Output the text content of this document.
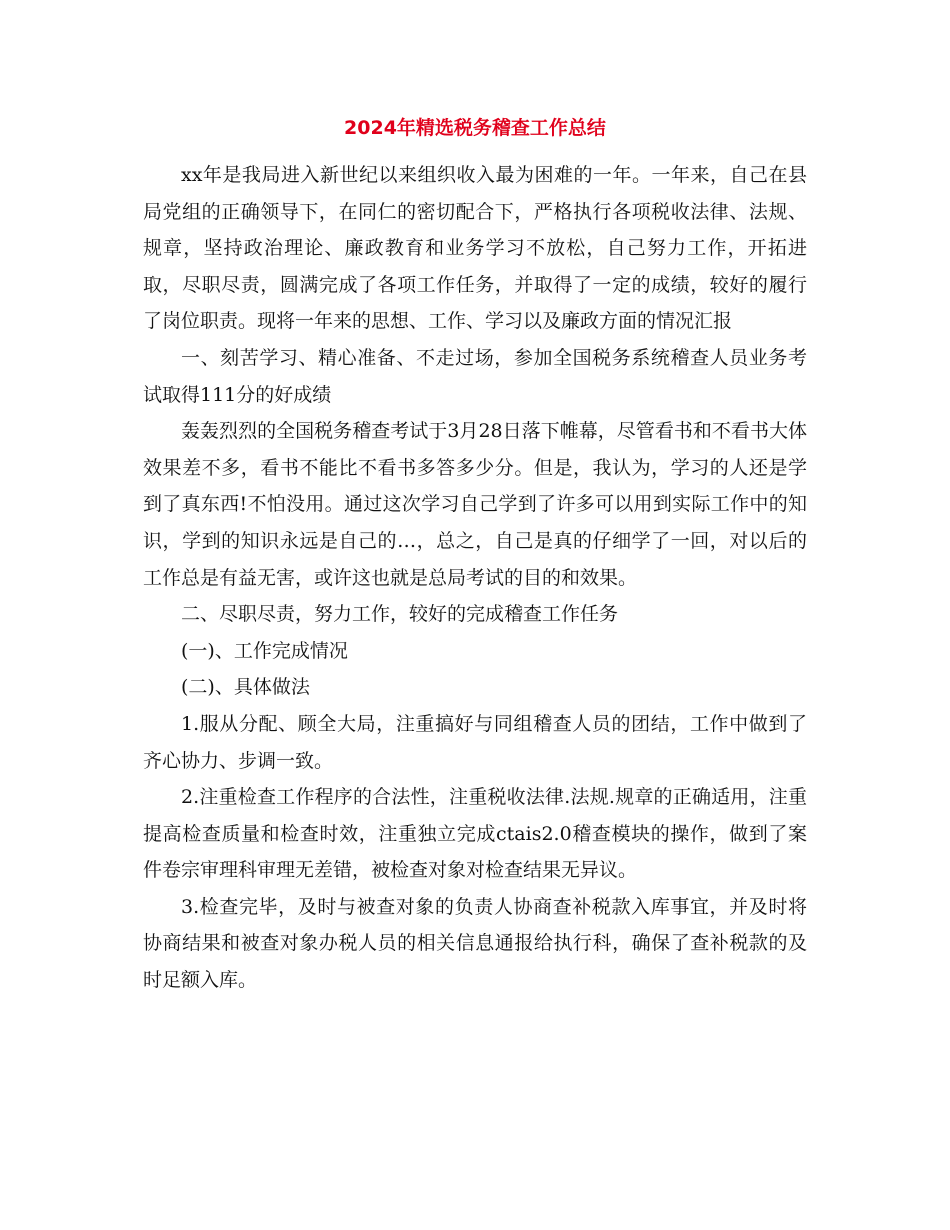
2024年精选税务稽查工作总结

xx年是我局进入新世纪以来组织收入最为困难的一年。一年来，自己在县局党组的正确领导下，在同仁的密切配合下，严格执行各项税收法律、法规、规章，坚持政治理论、廉政教育和业务学习不放松，自己努力工作，开拓进取，尽职尽责，圆满完成了各项工作任务，并取得了一定的成绩，较好的履行了岗位职责。现将一年来的思想、工作、学习以及廉政方面的情况汇报

一、刻苦学习、精心准备、不走过场，参加全国税务系统稽查人员业务考试取得111分的好成绩

轰轰烈烈的全国税务稽查考试于3月28日落下帷幕，尽管看书和不看书大体效果差不多，看书不能比不看书多答多少分。但是，我认为，学习的人还是学到了真东西!不怕没用。通过这次学习自己学到了许多可以用到实际工作中的知识，学到的知识永远是自己的…，总之，自己是真的仔细学了一回，对以后的工作总是有益无害，或许这也就是总局考试的目的和效果。

二、尽职尽责，努力工作，较好的完成稽查工作任务

(一)、工作完成情况

(二)、具体做法

1.服从分配、顾全大局，注重搞好与同组稽查人员的团结，工作中做到了齐心协力、步调一致。

2.注重检查工作程序的合法性，注重税收法律.法规.规章的正确适用，注重提高检查质量和检查时效，注重独立完成ctais2.0稽查模块的操作，做到了案件卷宗审理科审理无差错，被检查对象对检查结果无异议。

3.检查完毕，及时与被查对象的负责人协商查补税款入库事宜，并及时将协商结果和被查对象办税人员的相关信息通报给执行科，确保了查补税款的及时足额入库。
